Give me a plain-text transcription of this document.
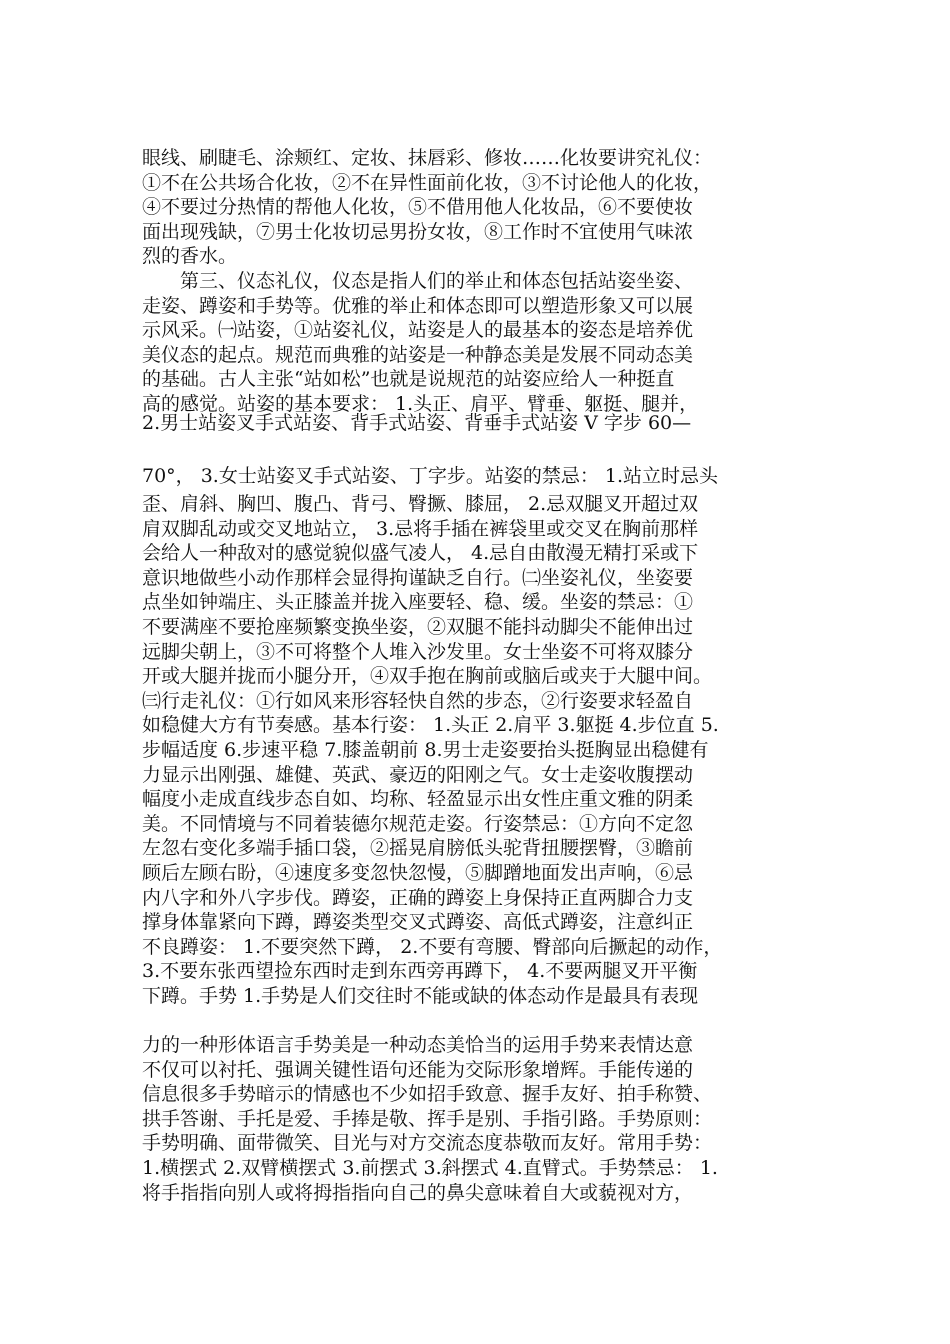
眼线、刷睫毛、涂颊红、定妆、抹唇彩、修妆……化妆要讲究礼仪：

①不在公共场合化妆，②不在异性面前化妆，③不讨论他人的化妆，

④不要过分热情的帮他人化妆，⑤不借用他人化妆品，⑥不要使妆

面出现残缺，⑦男士化妆切忌男扮女妆，⑧工作时不宜使用气味浓

烈的香水。

　　第三、仪态礼仪，仪态是指人们的举止和体态包括站姿坐姿、

走姿、蹲姿和手势等。优雅的举止和体态即可以塑造形象又可以展

示风采。㈠站姿，①站姿礼仪，站姿是人的最基本的姿态是培养优

美仪态的起点。规范而典雅的站姿是一种静态美是发展不同动态美

的基础。古人主张“站如松”也就是说规范的站姿应给人一种挺直

高的感觉。站姿的基本要求： 1.头正、肩平、臂垂、躯挺、腿并，

2.男士站姿叉手式站姿、背手式站姿、背垂手式站姿 V 字步 60—

70°， 3.女士站姿叉手式站姿、丁字步。站姿的禁忌： 1.站立时忌头

歪、肩斜、胸凹、腹凸、背弓、臀撅、膝屈， 2.忌双腿叉开超过双

肩双脚乱动或交叉地站立， 3.忌将手插在裤袋里或交叉在胸前那样

会给人一种敌对的感觉貌似盛气凌人， 4.忌自由散漫无精打采或下

意识地做些小动作那样会显得拘谨缺乏自行。㈡坐姿礼仪，坐姿要

点坐如钟端庄、头正膝盖并拢入座要轻、稳、缓。坐姿的禁忌：①

不要满座不要抢座频繁变换坐姿，②双腿不能抖动脚尖不能伸出过

远脚尖朝上，③不可将整个人堆入沙发里。女士坐姿不可将双膝分

开或大腿并拢而小腿分开，④双手抱在胸前或脑后或夹于大腿中间。

㈢行走礼仪：①行如风来形容轻快自然的步态，②行姿要求轻盈自

如稳健大方有节奏感。基本行姿： 1.头正 2.肩平 3.躯挺 4.步位直 5.

步幅适度 6.步速平稳 7.膝盖朝前 8.男士走姿要抬头挺胸显出稳健有

力显示出刚强、雄健、英武、豪迈的阳刚之气。女士走姿收腹摆动

幅度小走成直线步态自如、均称、轻盈显示出女性庄重文雅的阴柔

美。不同情境与不同着装德尔规范走姿。行姿禁忌：①方向不定忽

左忽右变化多端手插口袋，②摇晃肩膀低头驼背扭腰摆臀，③瞻前

顾后左顾右盼，④速度多变忽快忽慢，⑤脚蹭地面发出声响，⑥忌

内八字和外八字步伐。蹲姿，正确的蹲姿上身保持正直两脚合力支

撑身体靠紧向下蹲，蹲姿类型交叉式蹲姿、高低式蹲姿，注意纠正

不良蹲姿： 1.不要突然下蹲， 2.不要有弯腰、臀部向后撅起的动作，

3.不要东张西望捡东西时走到东西旁再蹲下， 4.不要两腿叉开平衡

下蹲。手势 1.手势是人们交往时不能或缺的体态动作是最具有表现

力的一种形体语言手势美是一种动态美恰当的运用手势来表情达意

不仅可以衬托、强调关键性语句还能为交际形象增辉。手能传递的

信息很多手势暗示的情感也不少如招手致意、握手友好、拍手称赞、

拱手答谢、手托是爱、手捧是敬、挥手是别、手指引路。手势原则：

手势明确、面带微笑、目光与对方交流态度恭敬而友好。常用手势：

1.横摆式 2.双臂横摆式 3.前摆式 3.斜摆式 4.直臂式。手势禁忌： 1.

将手指指向别人或将拇指指向自己的鼻尖意味着自大或藐视对方，
